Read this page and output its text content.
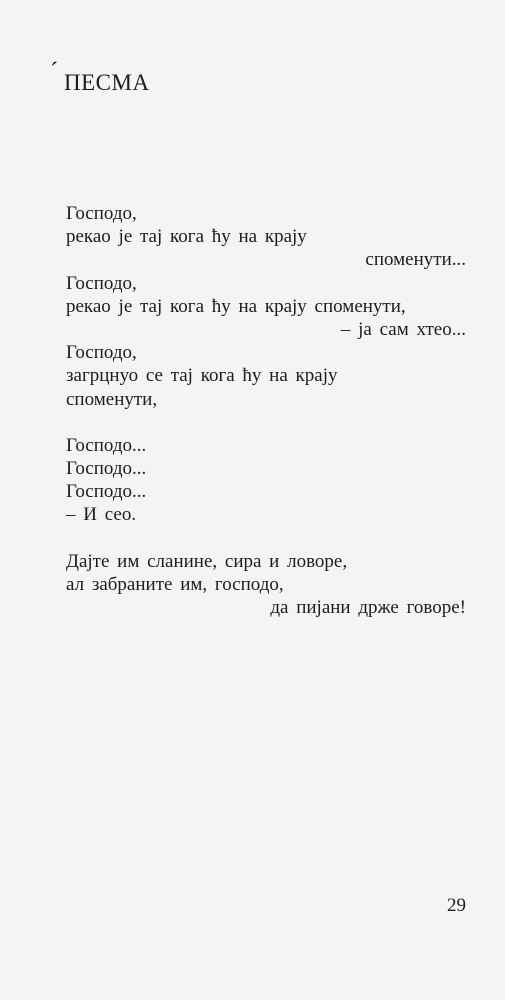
´ ПЕСМА
Господо,
рекао је тај кога ћу на крају
споменути...
Господо,
рекао је тај кога ћу на крају споменути,
– ја сам хтео...
Господо,
загрцнуо се тај кога ћу на крају
споменути,
Господо...
Господо...
Господо...
– И сео.
Дајте им сланине, сира и ловоре,
ал забраните им, господо,
да пијани држе говоре!
29
